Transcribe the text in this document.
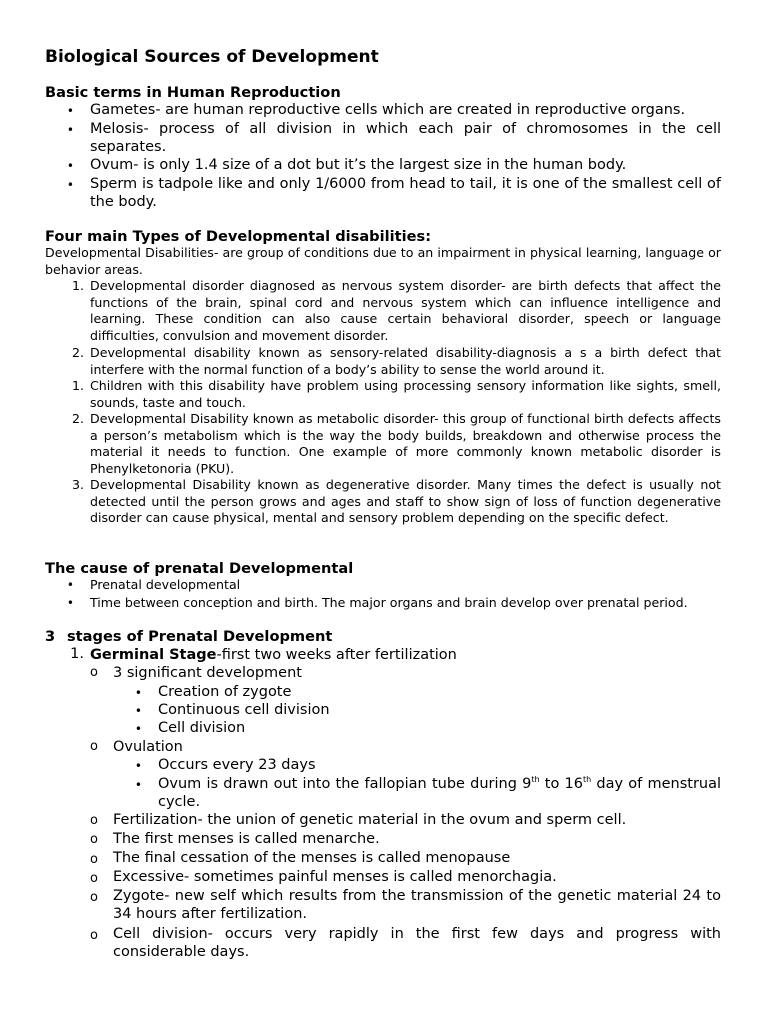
Biological Sources of Development
Basic terms in Human Reproduction
• Gametes- are human reproductive cells which are created in reproductive organs.

• Melosis- process of all division in which each pair of chromosomes in the cell separates.

• Ovum- is only 1.4 size of a dot but it’s the largest size in the human body.

• Sperm is tadpole like and only 1/6000 from head to tail, it is one of the smallest cell of the body.

Four main Types of Developmental disabilities:

Developmental Disabilities- are group of conditions due to an impairment in physical learning, language or behavior areas.

1. Developmental disorder diagnosed as nervous system disorder- are birth defects that affect the functions of the brain, spinal cord and nervous system which can influence intelligence and learning. These condition can also cause certain behavioral disorder, speech or language difficulties, convulsion and movement disorder.

2. Developmental disability known as sensory-related disability-diagnosis a s a birth defect that interfere with the normal function of a body’s ability to sense the world around it.

1. Children with this disability have problem using processing sensory information like sights, smell, sounds, taste and touch.

2. Developmental Disability known as metabolic disorder- this group of functional birth defects affects a person’s metabolism which is the way the body builds, breakdown and otherwise process the material it needs to function. One example of more commonly known metabolic disorder is Phenylketonoria (PKU).

3. Developmental Disability known as degenerative disorder. Many times the defect is usually not detected until the person grows and ages and staff to show sign of loss of function degenerative disorder can cause physical, mental and sensory problem depending on the specific defect.

The cause of prenatal Developmental
• Prenatal developmental

• Time between conception and birth. The major organs and brain develop over prenatal period.

3 stages of Prenatal Development
1. Germinal Stage-first two weeks after fertilization

o 3 significant development

• Creation of zygote

• Continuous cell division

• Cell division

o Ovulation

• Occurs every 23 days

• Ovum is drawn out into the fallopian tube during 9th to 16th day of menstrual cycle.

o Fertilization- the union of genetic material in the ovum and sperm cell.

o The first menses is called menarche.

o The final cessation of the menses is called menopause

o Excessive- sometimes painful menses is called menorchagia.

o Zygote- new self which results from the transmission of the genetic material 24 to 34 hours after fertilization.

o Cell division- occurs very rapidly in the first few days and progress with considerable days.
